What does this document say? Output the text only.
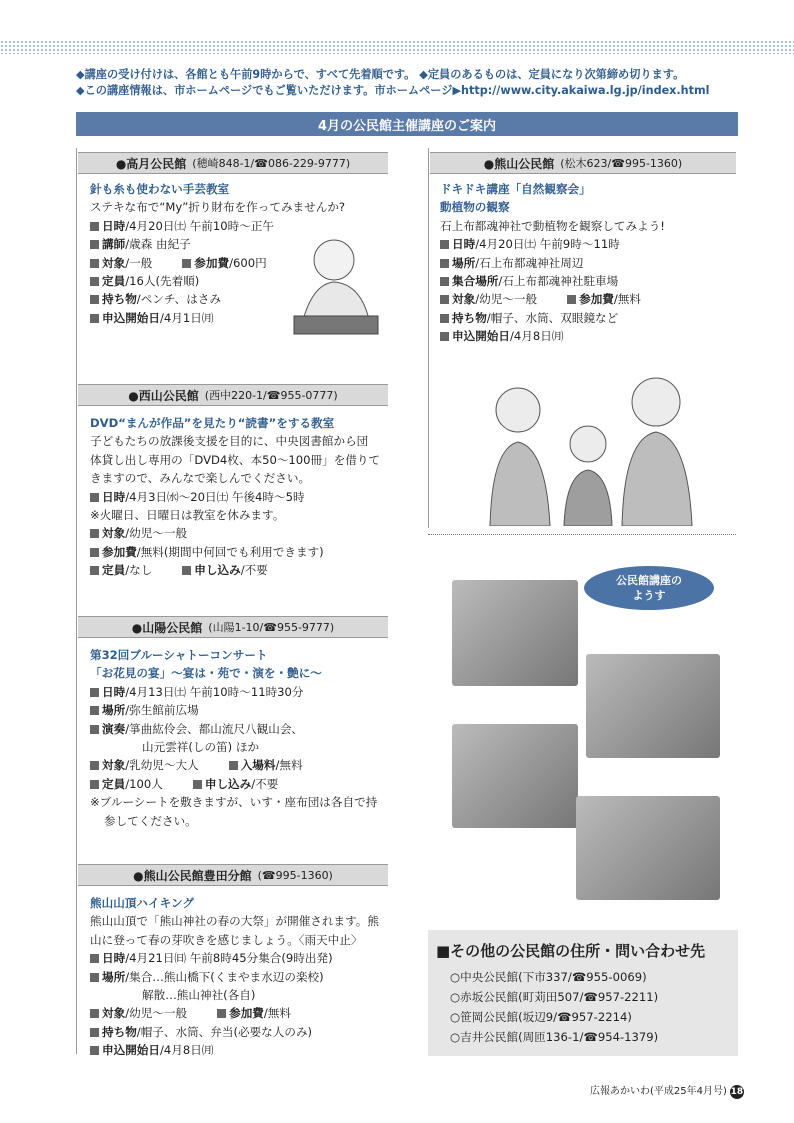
◆講座の受け付けは、各館とも午前9時からで、すべて先着順です。 ◆定員のあるものは、定員になり次第締め切ります。
◆この講座情報は、市ホームページでもご覧いただけます。市ホームページ▶http://www.city.akaiwa.lg.jp/index.html
4月の公民館主催講座のご案内
●高月公民館 (穂崎848-1/☎086-229-9777)
針も糸も使わない手芸教室
ステキな布で“My”折り財布を作ってみませんか?
日時/4月20日㈯ 午前10時～正午
講師/歳森 由紀子
対象/一般	参加費/600円
定員/16人(先着順)
持ち物/ペンチ、はさみ
申込開始日/4月1日㈪
●西山公民館 (西中220-1/☎955-0777)
DVD“まんが作品”を見たり“読書”をする教室
子どもたちの放課後支援を目的に、中央図書館から団
体貸し出し専用の「DVD4枚、本50～100冊」を借りて
きますので、みんなで楽しんでください。
日時/4月3日㈬～20日㈯ 午後4時～5時
※火曜日、日曜日は教室を休みます。
対象/幼児～一般
参加費/無料(期間中何回でも利用できます)
定員/なし	申し込み/不要
●山陽公民館 (山陽1-10/☎955-9777)
第32回ブルーシャトーコンサート
「お花見の宴」～宴は・苑で・演を・艶に～
日時/4月13日㈯ 午前10時～11時30分
場所/弥生館前広場
演奏/箏曲紘伶会、都山流尺八観山会、
山元雲祥(しの笛) ほか
対象/乳幼児～大人	入場料/無料
定員/100人	申し込み/不要
※ブルーシートを敷きますが、いす・座布団は各自で持
参してください。
●熊山公民館豊田分館 (☎995-1360)
熊山山頂ハイキング
熊山山頂で「熊山神社の春の大祭」が開催されます。熊
山に登って春の芽吹きを感じましょう。〈雨天中止〉
日時/4月21日㈰ 午前8時45分集合(9時出発)
場所/集合…熊山橋下(くまやま水辺の楽校)
解散…熊山神社(各自)
対象/幼児～一般	参加費/無料
持ち物/帽子、水筒、弁当(必要な人のみ)
申込開始日/4月8日㈪
●熊山公民館 (松木623/☎995-1360)
ドキドキ講座「自然観察会」
動植物の観察
石上布都魂神社で動植物を観察してみよう!
日時/4月20日㈯ 午前9時～11時
場所/石上布都魂神社周辺
集合場所/石上布都魂神社駐車場
対象/幼児～一般	参加費/無料
持ち物/帽子、水筒、双眼鏡など
申込開始日/4月8日㈪
公民館講座の
ようす
■その他の公民館の住所・問い合わせ先
○中央公民館(下市337/☎955-0069)
○赤坂公民館(町苅田507/☎957-2211)
○笹岡公民館(坂辺9/☎957-2214)
○吉井公民館(周匝136-1/☎954-1379)
広報あかいわ(平成25年4月号) 18
